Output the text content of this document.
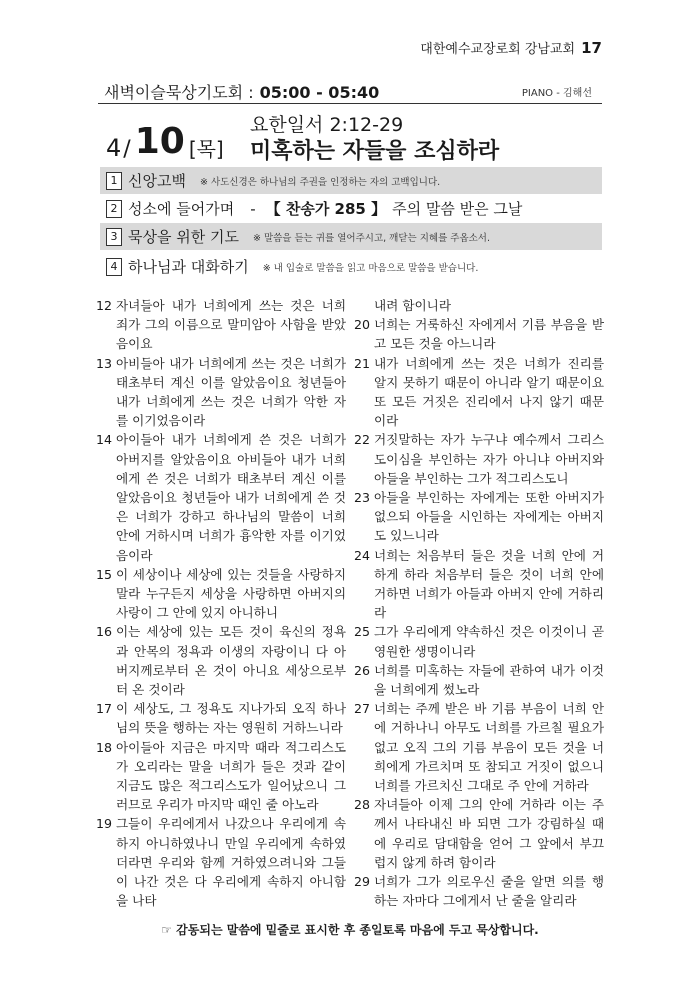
대한예수교장로회 강남교회 17
새벽이슬묵상기도회 : 05:00 - 05:40	PIANO - 김해선
4 / 10 [목]
요한일서 2:12-29
미혹하는 자들을 조심하라
1 신앙고백 ※ 사도신경은 하나님의 주권을 인정하는 자의 고백입니다.
2 성소에 들어가며 - 【 찬송가 285 】 주의 말씀 받은 그날
3 묵상을 위한 기도 ※ 말씀을 듣는 귀를 열어주시고, 깨닫는 지혜를 주옵소서.
4 하나님과 대화하기 ※ 내 입술로 말씀을 읽고 마음으로 말씀을 받습니다.
12 자녀들아 내가 너희에게 쓰는 것은 너희 죄가 그의 이름으로 말미암아 사함을 받았음이요
13 아비들아 내가 너희에게 쓰는 것은 너희가 태초부터 계신 이를 알았음이요 청년들아 내가 너희에게 쓰는 것은 너희가 악한 자를 이기었음이라
14 아이들아 내가 너희에게 쓴 것은 너희가 아버지를 알았음이요 아비들아 내가 너희에게 쓴 것은 너희가 태초부터 계신 이를 알았음이요 청년들아 내가 너희에게 쓴 것은 너희가 강하고 하나님의 말씀이 너희 안에 거하시며 너희가 흉악한 자를 이기었음이라
15 이 세상이나 세상에 있는 것들을 사랑하지 말라 누구든지 세상을 사랑하면 아버지의 사랑이 그 안에 있지 아니하니
16 이는 세상에 있는 모든 것이 육신의 정욕과 안목의 정욕과 이생의 자랑이니 다 아버지께로부터 온 것이 아니요 세상으로부터 온 것이라
17 이 세상도, 그 정욕도 지나가되 오직 하나님의 뜻을 행하는 자는 영원히 거하느니라
18 아이들아 지금은 마지막 때라 적그리스도가 오리라는 말을 너희가 들은 것과 같이 지금도 많은 적그리스도가 일어났으니 그러므로 우리가 마지막 때인 줄 아노라
19 그들이 우리에게서 나갔으나 우리에게 속하지 아니하였나니 만일 우리에게 속하였더라면 우리와 함께 거하였으려니와 그들이 나간 것은 다 우리에게 속하지 아니함을 나타
내려 함이니라
20 너희는 거룩하신 자에게서 기름 부음을 받고 모든 것을 아느니라
21 내가 너희에게 쓰는 것은 너희가 진리를 알지 못하기 때문이 아니라 알기 때문이요 또 모든 거짓은 진리에서 나지 않기 때문이라
22 거짓말하는 자가 누구냐 예수께서 그리스도이심을 부인하는 자가 아니냐 아버지와 아들을 부인하는 그가 적그리스도니
23 아들을 부인하는 자에게는 또한 아버지가 없으되 아들을 시인하는 자에게는 아버지도 있느니라
24 너희는 처음부터 들은 것을 너희 안에 거하게 하라 처음부터 들은 것이 너희 안에 거하면 너희가 아들과 아버지 안에 거하리라
25 그가 우리에게 약속하신 것은 이것이니 곧 영원한 생명이니라
26 너희를 미혹하는 자들에 관하여 내가 이것을 너희에게 썼노라
27 너희는 주께 받은 바 기름 부음이 너희 안에 거하나니 아무도 너희를 가르칠 필요가 없고 오직 그의 기름 부음이 모든 것을 너희에게 가르치며 또 참되고 거짓이 없으니 너희를 가르치신 그대로 주 안에 거하라
28 자녀들아 이제 그의 안에 거하라 이는 주께서 나타내신 바 되면 그가 강림하실 때에 우리로 담대함을 얻어 그 앞에서 부끄럽지 않게 하려 함이라
29 너희가 그가 의로우신 줄을 알면 의를 행하는 자마다 그에게서 난 줄을 알리라
☞ 감동되는 말씀에 밑줄로 표시한 후 종일토록 마음에 두고 묵상합니다.
